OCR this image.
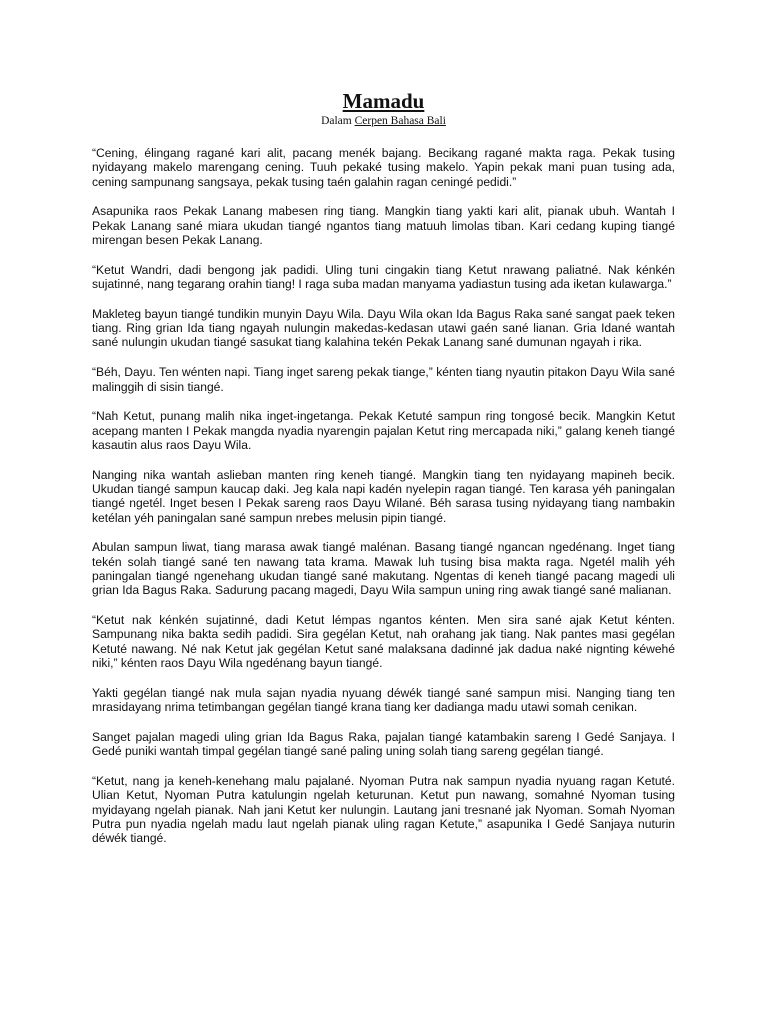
Mamadu
Dalam Cerpen Bahasa Bali

“Cening, élingang ragané kari alit, pacang menék bajang. Becikang ragané makta raga. Pekak tusing nyidayang makelo marengang cening. Tuuh pekaké tusing makelo. Yapin pekak mani puan tusing ada, cening sampunang sangsaya, pekak tusing taén galahin ragan ceningé pedidi.”

Asapunika raos Pekak Lanang mabesen ring tiang. Mangkin tiang yakti kari alit, pianak ubuh. Wantah I Pekak Lanang sané miara ukudan tiangé ngantos tiang matuuh limolas tiban. Kari cedang kuping tiangé mirengan besen Pekak Lanang.

“Ketut Wandri, dadi bengong jak padidi. Uling tuni cingakin tiang Ketut nrawang paliatné. Nak kénkén sujatinné, nang tegarang orahin tiang! I raga suba madan manyama yadiastun tusing ada iketan kulawarga.”

Makleteg bayun tiangé tundikin munyin Dayu Wila. Dayu Wila okan Ida Bagus Raka sané sangat paek teken tiang. Ring grian Ida tiang ngayah nulungin makedas-kedasan utawi gaén sané lianan. Gria Idané wantah sané nulungin ukudan tiangé sasukat tiang kalahina tekén Pekak Lanang sané dumunan ngayah i rika.

“Béh, Dayu. Ten wénten napi. Tiang inget sareng pekak tiange,” kénten tiang nyautin pitakon Dayu Wila sané malinggih di sisin tiangé.

“Nah Ketut, punang malih nika inget-ingetanga. Pekak Ketuté sampun ring tongosé becik. Mangkin Ketut acepang manten I Pekak mangda nyadia nyarengin pajalan Ketut ring mercapada niki,” galang keneh tiangé kasautin alus raos Dayu Wila.

Nanging nika wantah aslieban manten ring keneh tiangé. Mangkin tiang ten nyidayang mapineh becik. Ukudan tiangé sampun kaucap daki. Jeg kala napi kadén nyelepin ragan tiangé. Ten karasa yéh paningalan tiangé ngetél. Inget besen I Pekak sareng raos Dayu Wilané. Béh sarasa tusing nyidayang tiang nambakin ketélan yéh paningalan sané sampun nrebes melusin pipin tiangé.

Abulan sampun liwat, tiang marasa awak tiangé malénan. Basang tiangé ngancan ngedénang. Inget tiang tekén solah tiangé sané ten nawang tata krama. Mawak luh tusing bisa makta raga. Ngetél malih yéh paningalan tiangé ngenehang ukudan tiangé sané makutang. Ngentas di keneh tiangé pacang magedi uli grian Ida Bagus Raka. Sadurung pacang magedi, Dayu Wila sampun uning ring awak tiangé sané malianan.

“Ketut nak kénkén sujatinné, dadi Ketut lémpas ngantos kénten. Men sira sané ajak Ketut kénten. Sampunang nika bakta sedih padidi. Sira gegélan Ketut, nah orahang jak tiang. Nak pantes masi gegélan Ketuté nawang. Né nak Ketut jak gegélan Ketut sané malaksana dadinné jak dadua naké nignting kéwehé niki,” kénten raos Dayu Wila ngedénang bayun tiangé.

Yakti gegélan tiangé nak mula sajan nyadia nyuang déwék tiangé sané sampun misi. Nanging tiang ten mrasidayang nrima tetimbangan gegélan tiangé krana tiang ker dadianga madu utawi somah cenikan.

Sanget pajalan magedi uling grian Ida Bagus Raka, pajalan tiangé katambakin sareng I Gedé Sanjaya. I Gedé puniki wantah timpal gegélan tiangé sané paling uning solah tiang sareng gegélan tiangé.

“Ketut, nang ja keneh-kenehang malu pajalané. Nyoman Putra nak sampun nyadia nyuang ragan Ketuté. Ulian Ketut, Nyoman Putra katulungin ngelah keturunan. Ketut pun nawang, somahné Nyoman tusing myidayang ngelah pianak. Nah jani Ketut ker nulungin. Lautang jani tresnané jak Nyoman. Somah Nyoman Putra pun nyadia ngelah madu laut ngelah pianak uling ragan Ketute,” asapunika I Gedé Sanjaya nuturin déwék tiangé.
